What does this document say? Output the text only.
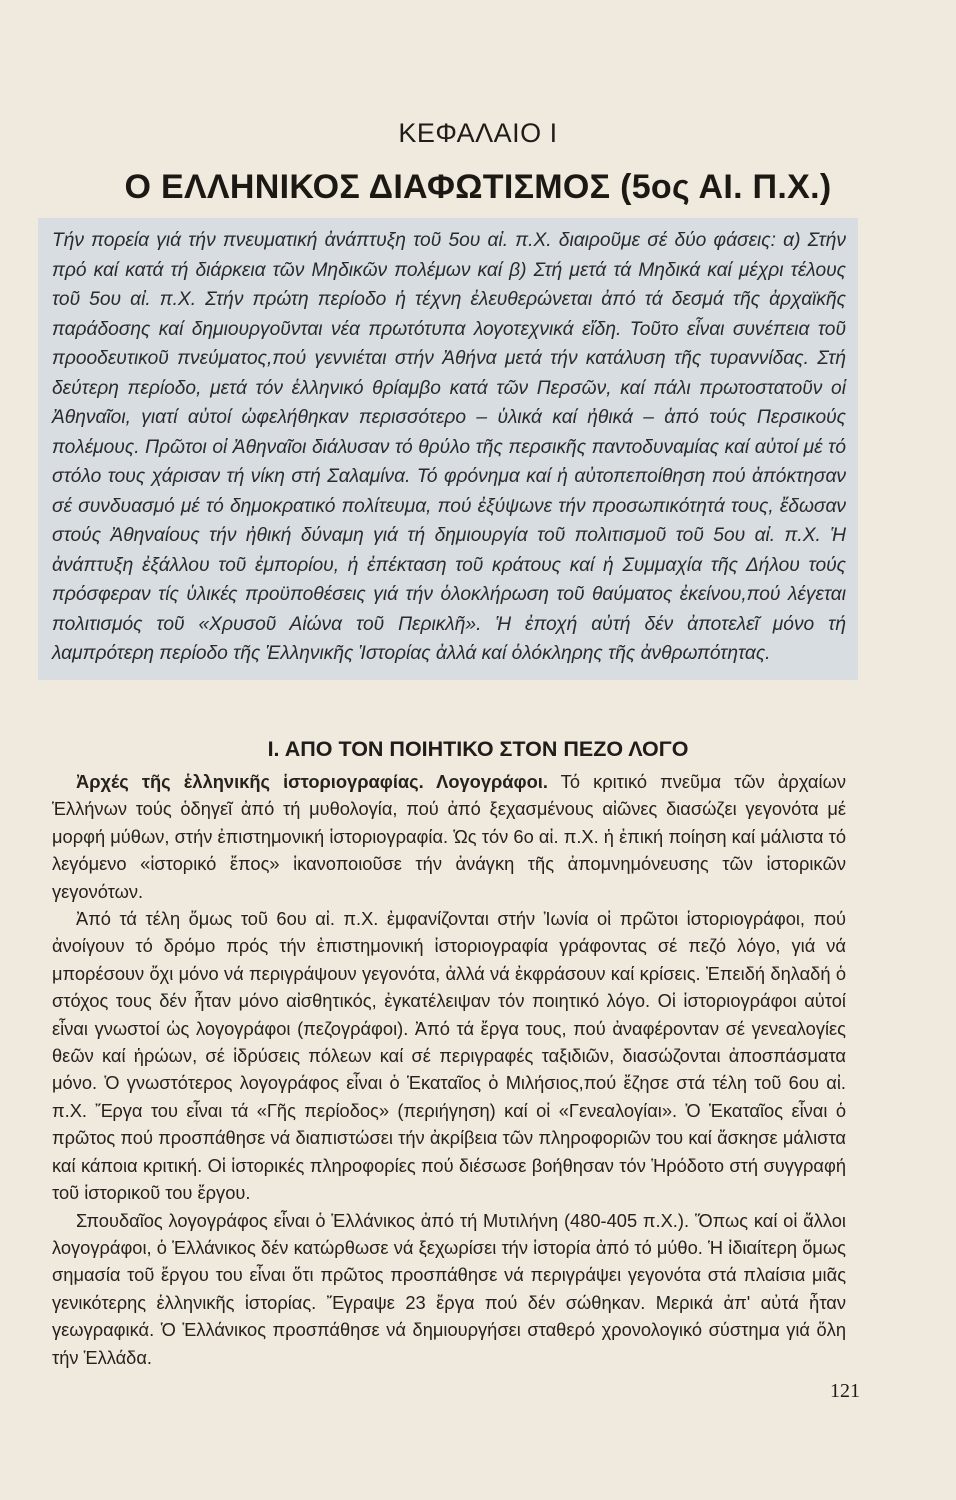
ΚΕΦΑΛΑΙΟ Ι
Ο ΕΛΛΗΝΙΚΟΣ ΔΙΑΦΩΤΙΣΜΟΣ (5ος ΑΙ. Π.Χ.)
Τήν πορεία γιά τήν πνευματική ἀνάπτυξη τοῦ 5ου αἰ. π.Χ. διαιροῦμε σέ δύο φάσεις: α) Στήν πρό καί κατά τή διάρκεια τῶν Μηδικῶν πολέμων καί β) Στή μετά τά Μηδικά καί μέχρι τέλους τοῦ 5ου αἰ. π.Χ. Στήν πρώτη περίοδο ἡ τέχνη ἐλευθερώνεται ἀπό τά δεσμά τῆς ἀρχαϊκῆς παράδοσης καί δημιουργοῦνται νέα πρωτότυπα λογοτεχνικά εἴδη. Τοῦτο εἶναι συνέπεια τοῦ προοδευτικοῦ πνεύματος,πού γεννιέται στήν Ἀθήνα μετά τήν κατάλυση τῆς τυραννίδας. Στή δεύτερη περίοδο, μετά τόν ἑλληνικό θρίαμβο κατά τῶν Περσῶν, καί πάλι πρωτοστατοῦν οἱ Ἀθηναῖοι, γιατί αὐτοί ὠφελήθηκαν περισσότερο – ὑλικά καί ἠθικά – ἀπό τούς Περσικούς πολέμους. Πρῶτοι οἱ Ἀθηναῖοι διάλυσαν τό θρύλο τῆς περσικῆς παντοδυναμίας καί αὐτοί μέ τό στόλο τους χάρισαν τή νίκη στή Σαλαμίνα. Τό φρόνημα καί ἡ αὐτοπεποίθηση πού ἀπόκτησαν σέ συνδυασμό μέ τό δημοκρατικό πολίτευμα, πού ἐξύψωνε τήν προσωπικότητά τους, ἔδωσαν στούς Ἀθηναίους τήν ἠθική δύναμη γιά τή δημιουργία τοῦ πολιτισμοῦ τοῦ 5ου αἰ. π.Χ. Ἡ ἀνάπτυξη ἐξάλλου τοῦ ἐμπορίου, ἡ ἐπέκταση τοῦ κράτους καί ἡ Συμμαχία τῆς Δήλου τούς πρόσφεραν τίς ὑλικές προϋποθέσεις γιά τήν ὁλοκλήρωση τοῦ θαύματος ἐκείνου,πού λέγεται πολιτισμός τοῦ «Χρυσοῦ Αἰώνα τοῦ Περικλῆ». Ἡ ἐποχή αὐτή δέν ἀποτελεῖ μόνο τή λαμπρότερη περίοδο τῆς Ἑλληνικῆς Ἱστορίας ἀλλά καί ὁλόκληρης τῆς ἀνθρωπότητας.
Ι. ΑΠΟ ΤΟΝ ΠΟΙΗΤΙΚΟ ΣΤΟΝ ΠΕΖΟ ΛΟΓΟ

Ἀρχές τῆς ἑλληνικῆς ἱστοριογραφίας. Λογογράφοι. Τό κριτικό πνεῦμα τῶν ἀρχαίων Ἑλλήνων τούς ὁδηγεῖ ἀπό τή μυθολογία, πού ἀπό ξεχασμένους αἰῶνες διασώζει γεγονότα μέ μορφή μύθων, στήν ἐπιστημονική ἱστοριογραφία. Ὡς τόν 6ο αἰ. π.Χ. ἡ ἐπική ποίηση καί μάλιστα τό λεγόμενο «ἱστορικό ἔπος» ἱκανοποιοῦσε τήν ἀνάγκη τῆς ἀπομνημόνευσης τῶν ἱστορικῶν γεγονότων.

Ἀπό τά τέλη ὅμως τοῦ 6ου αἰ. π.Χ. ἐμφανίζονται στήν Ἰωνία οἱ πρῶτοι ἱστοριογράφοι, πού ἀνοίγουν τό δρόμο πρός τήν ἐπιστημονική ἱστοριογραφία γράφοντας σέ πεζό λόγο, γιά νά μπορέσουν ὄχι μόνο νά περιγράψουν γεγονότα, ἀλλά νά ἐκφράσουν καί κρίσεις. Ἐπειδή δηλαδή ὁ στόχος τους δέν ἦταν μόνο αἰσθητικός, ἐγκατέλειψαν τόν ποιητικό λόγο. Οἱ ἱστοριογράφοι αὐτοί εἶναι γνωστοί ὡς λογογράφοι (πεζογράφοι). Ἀπό τά ἔργα τους, πού ἀναφέρονταν σέ γενεαλογίες θεῶν καί ἡρώων, σέ ἱδρύσεις πόλεων καί σέ περιγραφές ταξιδιῶν, διασώζονται ἀποσπάσματα μόνο. Ὁ γνωστότερος λογογράφος εἶναι ὁ Ἑκαταῖος ὁ Μιλήσιος,πού ἔζησε στά τέλη τοῦ 6ου αἰ. π.Χ. Ἔργα του εἶναι τά «Γῆς περίοδος» (περιήγηση) καί οἱ «Γενεαλογίαι». Ὁ Ἑκαταῖος εἶναι ὁ πρῶτος πού προσπάθησε νά διαπιστώσει τήν ἀκρίβεια τῶν πληροφοριῶν του καί ἄσκησε μάλιστα καί κάποια κριτική. Οἱ ἱστορικές πληροφορίες πού διέσωσε βοήθησαν τόν Ἡρόδοτο στή συγγραφή τοῦ ἱστορικοῦ του ἔργου.

Σπουδαῖος λογογράφος εἶναι ὁ Ἑλλάνικος ἀπό τή Μυτιλήνη (480-405 π.Χ.). Ὅπως καί οἱ ἄλλοι λογογράφοι, ὁ Ἑλλάνικος δέν κατώρθωσε νά ξεχωρίσει τήν ἱστορία ἀπό τό μύθο. Ἡ ἰδιαίτερη ὅμως σημασία τοῦ ἔργου του εἶναι ὅτι πρῶτος προσπάθησε νά περιγράψει γεγονότα στά πλαίσια μιᾶς γενικότερης ἑλληνικῆς ἱστορίας. Ἔγραψε 23 ἔργα πού δέν σώθηκαν. Μερικά ἀπ' αὐτά ἦταν γεωγραφικά. Ὁ Ἑλλάνικος προσπάθησε νά δημιουργήσει σταθερό χρονολογικό σύστημα γιά ὅλη τήν Ἑλλάδα.

121
